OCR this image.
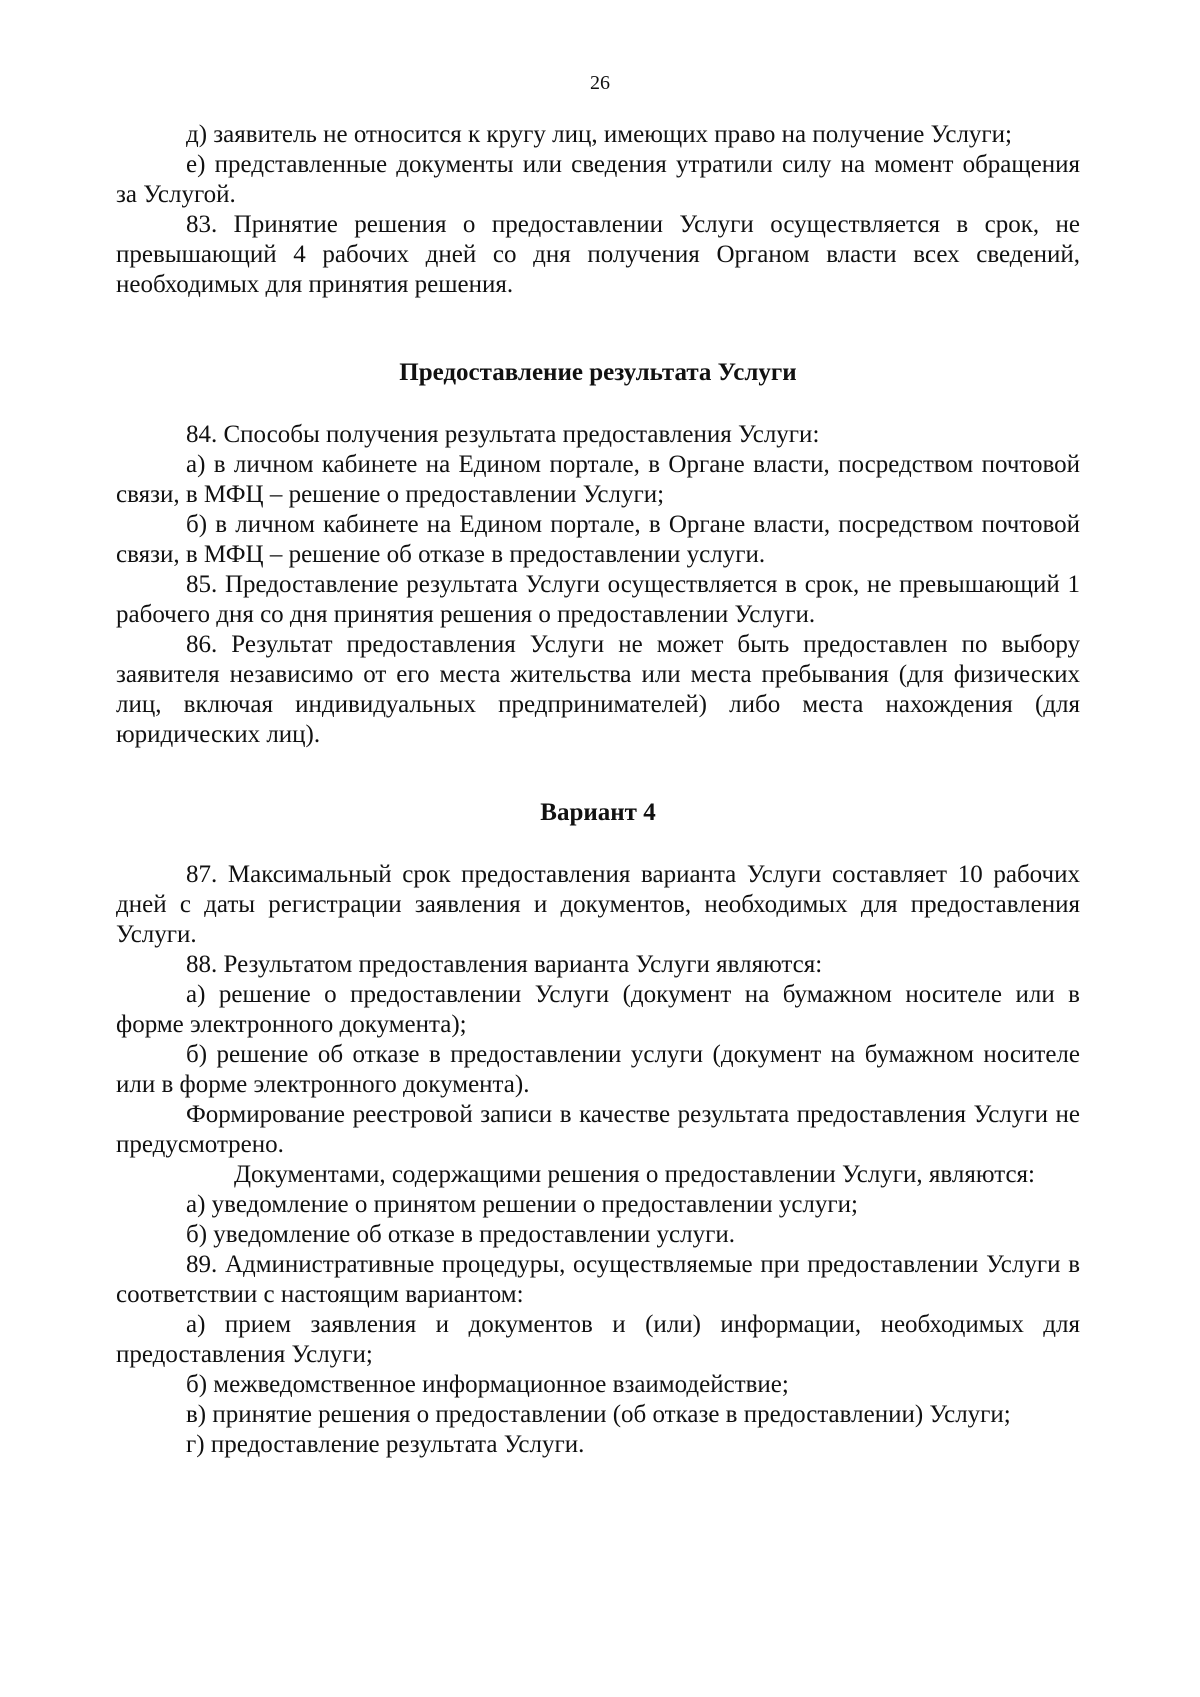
26

д) заявитель не относится к кругу лиц, имеющих право на получение Услуги;

е) представленные документы или сведения утратили силу на момент обращения за Услугой.

83. Принятие решения о предоставлении Услуги осуществляется в срок, не превышающий 4 рабочих дней со дня получения Органом власти всех сведений, необходимых для принятия решения.

Предоставление результата Услуги

84. Способы получения результата предоставления Услуги:

а) в личном кабинете на Едином портале, в Органе власти, посредством почтовой связи, в МФЦ – решение о предоставлении Услуги;

б) в личном кабинете на Едином портале, в Органе власти, посредством почтовой связи, в МФЦ – решение об отказе в предоставлении услуги.

85. Предоставление результата Услуги осуществляется в срок, не превышающий 1 рабочего дня со дня принятия решения о предоставлении Услуги.

86. Результат предоставления Услуги не может быть предоставлен по выбору заявителя независимо от его места жительства или места пребывания (для физических лиц, включая индивидуальных предпринимателей) либо места нахождения (для юридических лиц).

Вариант 4

87. Максимальный срок предоставления варианта Услуги составляет 10 рабочих дней с даты регистрации заявления и документов, необходимых для предоставления Услуги.

88. Результатом предоставления варианта Услуги являются:

а) решение о предоставлении Услуги (документ на бумажном носителе или в форме электронного документа);

б) решение об отказе в предоставлении услуги (документ на бумажном носителе или в форме электронного документа).

Формирование реестровой записи в качестве результата предоставления Услуги не предусмотрено.

Документами, содержащими решения о предоставлении Услуги, являются:

а) уведомление о принятом решении о предоставлении услуги;

б) уведомление об отказе в предоставлении услуги.

89. Административные процедуры, осуществляемые при предоставлении Услуги в соответствии с настоящим вариантом:

а) прием заявления и документов и (или) информации, необходимых для предоставления Услуги;

б) межведомственное информационное взаимодействие;

в) принятие решения о предоставлении (об отказе в предоставлении) Услуги;

г) предоставление результата Услуги.
